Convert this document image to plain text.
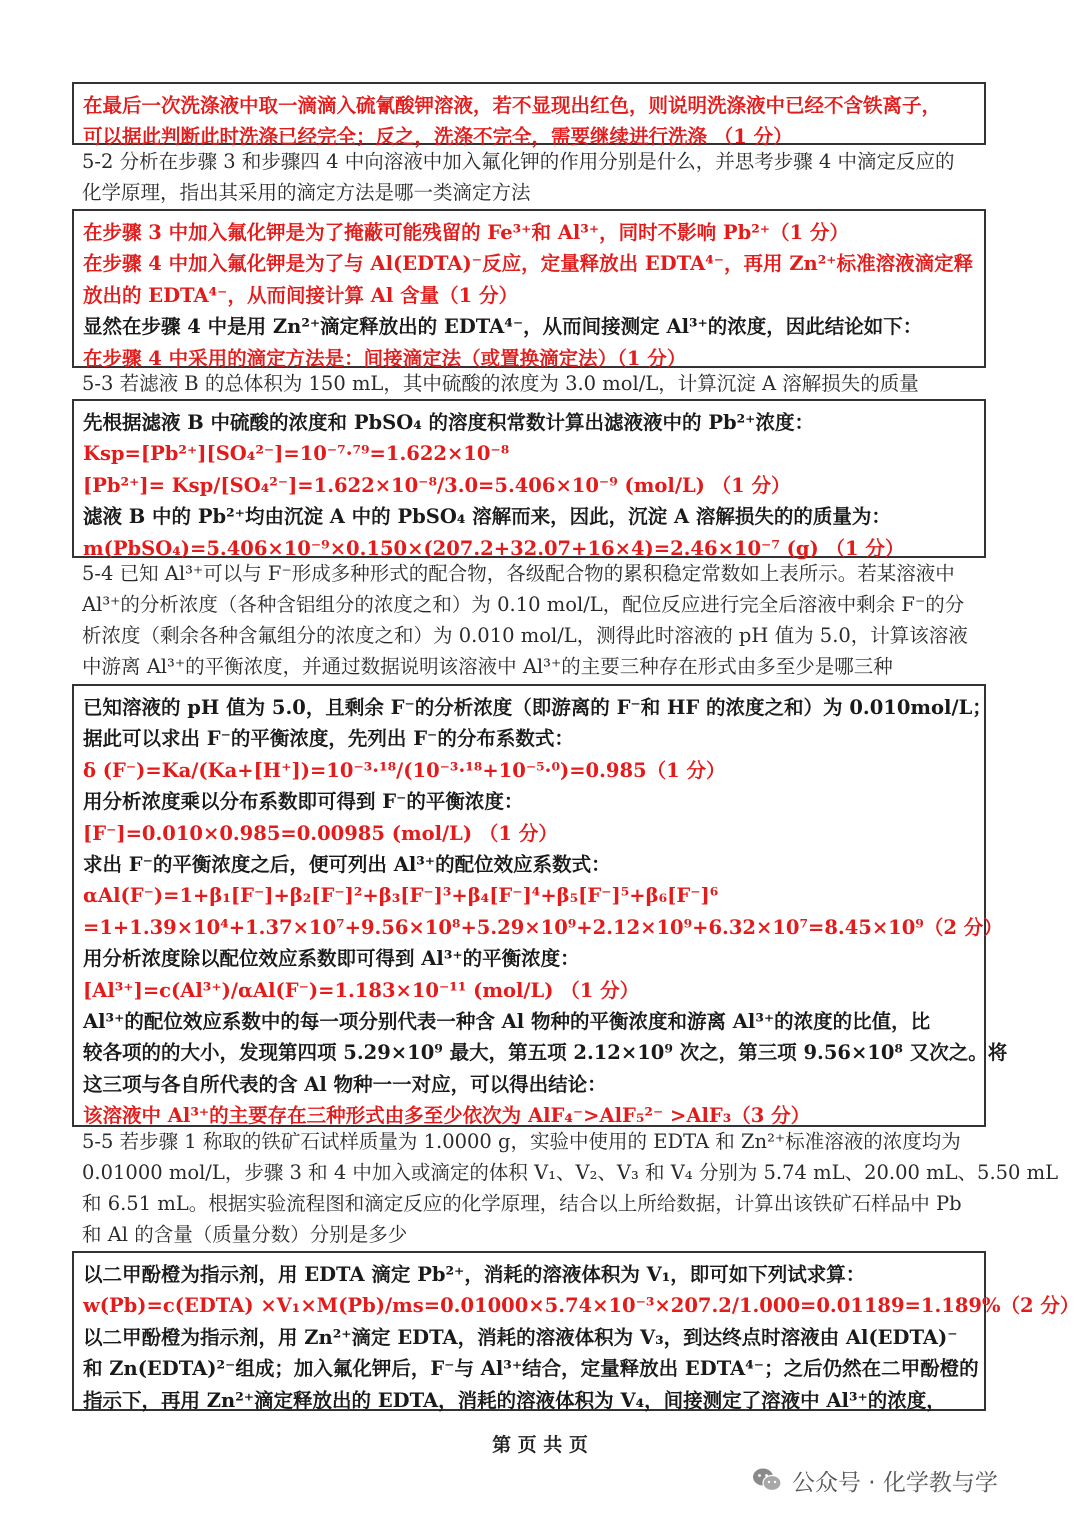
在最后一次洗涤液中取一滴滴入硫氰酸钾溶液，若不显现出红色，则说明洗涤液中已经不含铁离子，
可以据此判断此时洗涤已经完全；反之，洗涤不完全，需要继续进行洗涤 （1 分）
5-2 分析在步骤 3 和步骤四 4 中向溶液中加入氟化钾的作用分别是什么，并思考步骤 4 中滴定反应的
化学原理，指出其采用的滴定方法是哪一类滴定方法
在步骤 3 中加入氟化钾是为了掩蔽可能残留的 Fe³⁺和 Al³⁺，同时不影响 Pb²⁺（1 分）
在步骤 4 中加入氟化钾是为了与 Al(EDTA)⁻反应，定量释放出 EDTA⁴⁻，再用 Zn²⁺标准溶液滴定释
放出的 EDTA⁴⁻，从而间接计算 Al 含量（1 分）
显然在步骤 4 中是用 Zn²⁺滴定释放出的 EDTA⁴⁻，从而间接测定 Al³⁺的浓度，因此结论如下：
在步骤 4 中采用的滴定方法是：间接滴定法（或置换滴定法）（1 分）
5-3 若滤液 B 的总体积为 150 mL，其中硫酸的浓度为 3.0 mol/L，计算沉淀 A 溶解损失的质量
先根据滤液 B 中硫酸的浓度和 PbSO₄ 的溶度积常数计算出滤液液中的 Pb²⁺浓度：
Ksp=[Pb²⁺][SO₄²⁻]=10⁻⁷·⁷⁹=1.622×10⁻⁸
[Pb²⁺]= Ksp/[SO₄²⁻]=1.622×10⁻⁸/3.0=5.406×10⁻⁹ (mol/L) （1 分）
滤液 B 中的 Pb²⁺均由沉淀 A 中的 PbSO₄ 溶解而来，因此，沉淀 A 溶解损失的的质量为：
m(PbSO₄)=5.406×10⁻⁹×0.150×(207.2+32.07+16×4)=2.46×10⁻⁷ (g) （1 分）
5-4 已知 Al³⁺可以与 F⁻形成多种形式的配合物，各级配合物的累积稳定常数如上表所示。若某溶液中
Al³⁺的分析浓度（各种含铝组分的浓度之和）为 0.10 mol/L，配位反应进行完全后溶液中剩余 F⁻的分
析浓度（剩余各种含氟组分的浓度之和）为 0.010 mol/L，测得此时溶液的 pH 值为 5.0，计算该溶液
中游离 Al³⁺的平衡浓度，并通过数据说明该溶液中 Al³⁺的主要三种存在形式由多至少是哪三种
已知溶液的 pH 值为 5.0，且剩余 F⁻的分析浓度（即游离的 F⁻和 HF 的浓度之和）为 0.010mol/L；
据此可以求出 F⁻的平衡浓度，先列出 F⁻的分布系数式：
δ (F⁻)=Ka/(Ka+[H⁺])=10⁻³·¹⁸/(10⁻³·¹⁸+10⁻⁵·⁰)=0.985（1 分）
用分析浓度乘以分布系数即可得到 F⁻的平衡浓度：
[F⁻]=0.010×0.985=0.00985 (mol/L) （1 分）
求出 F⁻的平衡浓度之后，便可列出 Al³⁺的配位效应系数式：
αAl(F⁻)=1+β₁[F⁻]+β₂[F⁻]²+β₃[F⁻]³+β₄[F⁻]⁴+β₅[F⁻]⁵+β₆[F⁻]⁶
=1+1.39×10⁴+1.37×10⁷+9.56×10⁸+5.29×10⁹+2.12×10⁹+6.32×10⁷=8.45×10⁹（2 分）
用分析浓度除以配位效应系数即可得到 Al³⁺的平衡浓度：
[Al³⁺]=c(Al³⁺)/αAl(F⁻)=1.183×10⁻¹¹ (mol/L) （1 分）
Al³⁺的配位效应系数中的每一项分别代表一种含 Al 物种的平衡浓度和游离 Al³⁺的浓度的比值，比
较各项的的大小，发现第四项 5.29×10⁹ 最大，第五项 2.12×10⁹ 次之，第三项 9.56×10⁸ 又次之。将
这三项与各自所代表的含 Al 物种一一对应，可以得出结论：
该溶液中 Al³⁺的主要存在三种形式由多至少依次为 AlF₄⁻>AlF₅²⁻ >AlF₃（3 分）
5-5 若步骤 1 称取的铁矿石试样质量为 1.0000 g，实验中使用的 EDTA 和 Zn²⁺标准溶液的浓度均为
0.01000 mol/L，步骤 3 和 4 中加入或滴定的体积 V₁、V₂、V₃ 和 V₄ 分别为 5.74 mL、20.00 mL、5.50 mL
和 6.51 mL。根据实验流程图和滴定反应的化学原理，结合以上所给数据，计算出该铁矿石样品中 Pb
和 Al 的含量（质量分数）分别是多少
以二甲酚橙为指示剂，用 EDTA 滴定 Pb²⁺，消耗的溶液体积为 V₁，即可如下列试求算：
w(Pb)=c(EDTA) ×V₁×M(Pb)/ms=0.01000×5.74×10⁻³×207.2/1.000=0.01189=1.189%（2 分）
以二甲酚橙为指示剂，用 Zn²⁺滴定 EDTA，消耗的溶液体积为 V₃，到达终点时溶液由 Al(EDTA)⁻
和 Zn(EDTA)²⁻组成；加入氟化钾后，F⁻与 Al³⁺结合，定量释放出 EDTA⁴⁻；之后仍然在二甲酚橙的
指示下，再用 Zn²⁺滴定释放出的 EDTA，消耗的溶液体积为 V₄，间接测定了溶液中 Al³⁺的浓度，
第 页 共 页
公众号 · 化学教与学
